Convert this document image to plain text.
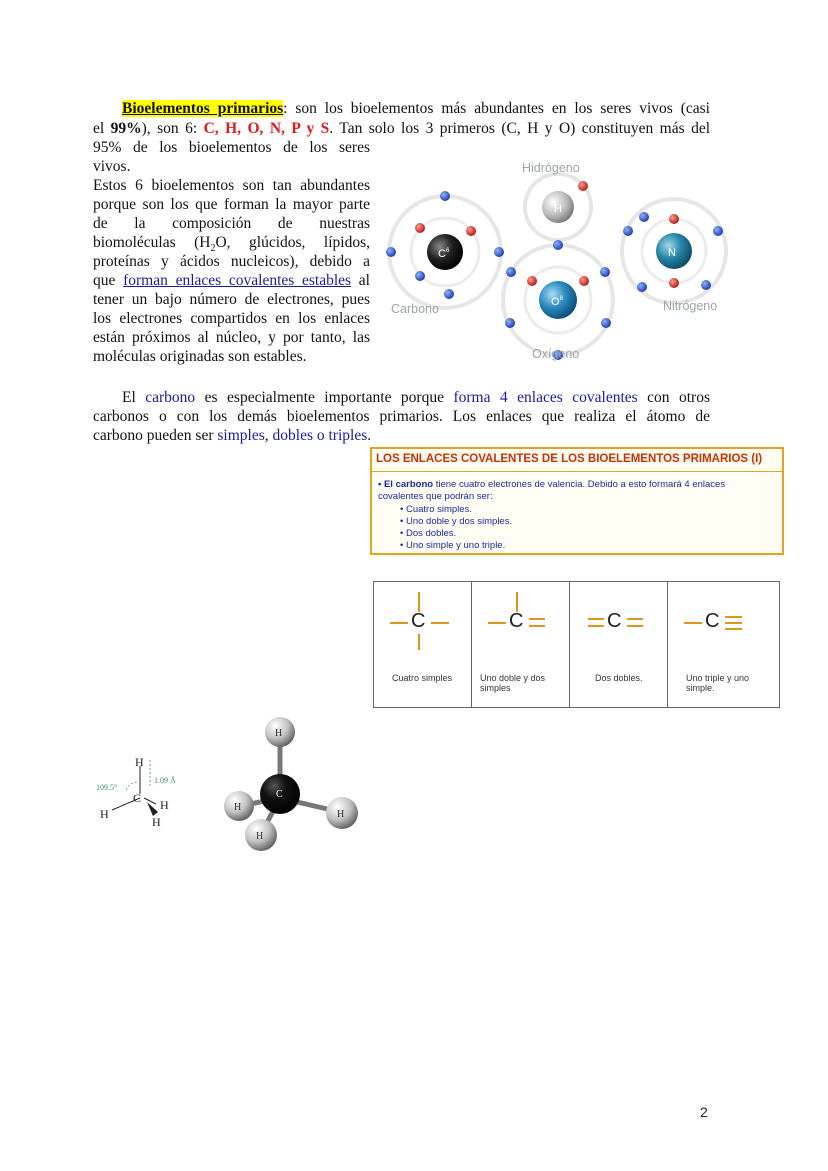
Bioelementos primarios: son los bioelementos más abundantes en los seres vivos (casi
el 99%), son 6: C, H, O, N, P y S. Tan solo los 3 primeros (C, H y O) constituyen más del
95% de los bioelementos de los seres
vivos.
Estos 6 bioelementos son tan abundantes
porque son los que forman la mayor parte
de la composición de nuestras
biomoléculas ($H_2O$, glúcidos, lípidos,
proteínas y ácidos nucleicos), debido a
que forman enlaces covalentes estables al
tener un bajo número de electrones, pues
los electrones compartidos en los enlaces
están próximos al núcleo, y por tanto, las
moléculas originadas son estables.
H
Hidrógeno
$C^6$
Carbono
N
Nitrógeno
$O^8$
Oxígeno
El carbono es especialmente importante porque forma 4 enlaces covalentes con otros
carbonos o con los demás bioelementos primarios. Los enlaces que realiza el átomo de
carbono pueden ser simples, dobles o triples.
LOS ENLACES COVALENTES DE LOS BIOELEMENTOS PRIMARIOS (I)
• El carbono tiene cuatro electrones de valencia. Debido a esto formará 4 enlaces
covalentes que podrán ser:
• Cuatro simples.
• Uno doble y dos simples.
• Dos dobles.
• Uno simple y uno triple.
C
Cuatro simples
C
Uno doble y dos simples
C
Dos dobles.
C
Uno triple y uno simple.
H
C
H
H
H
109.5°
1.09 Å
H
H
C
H
H
2
